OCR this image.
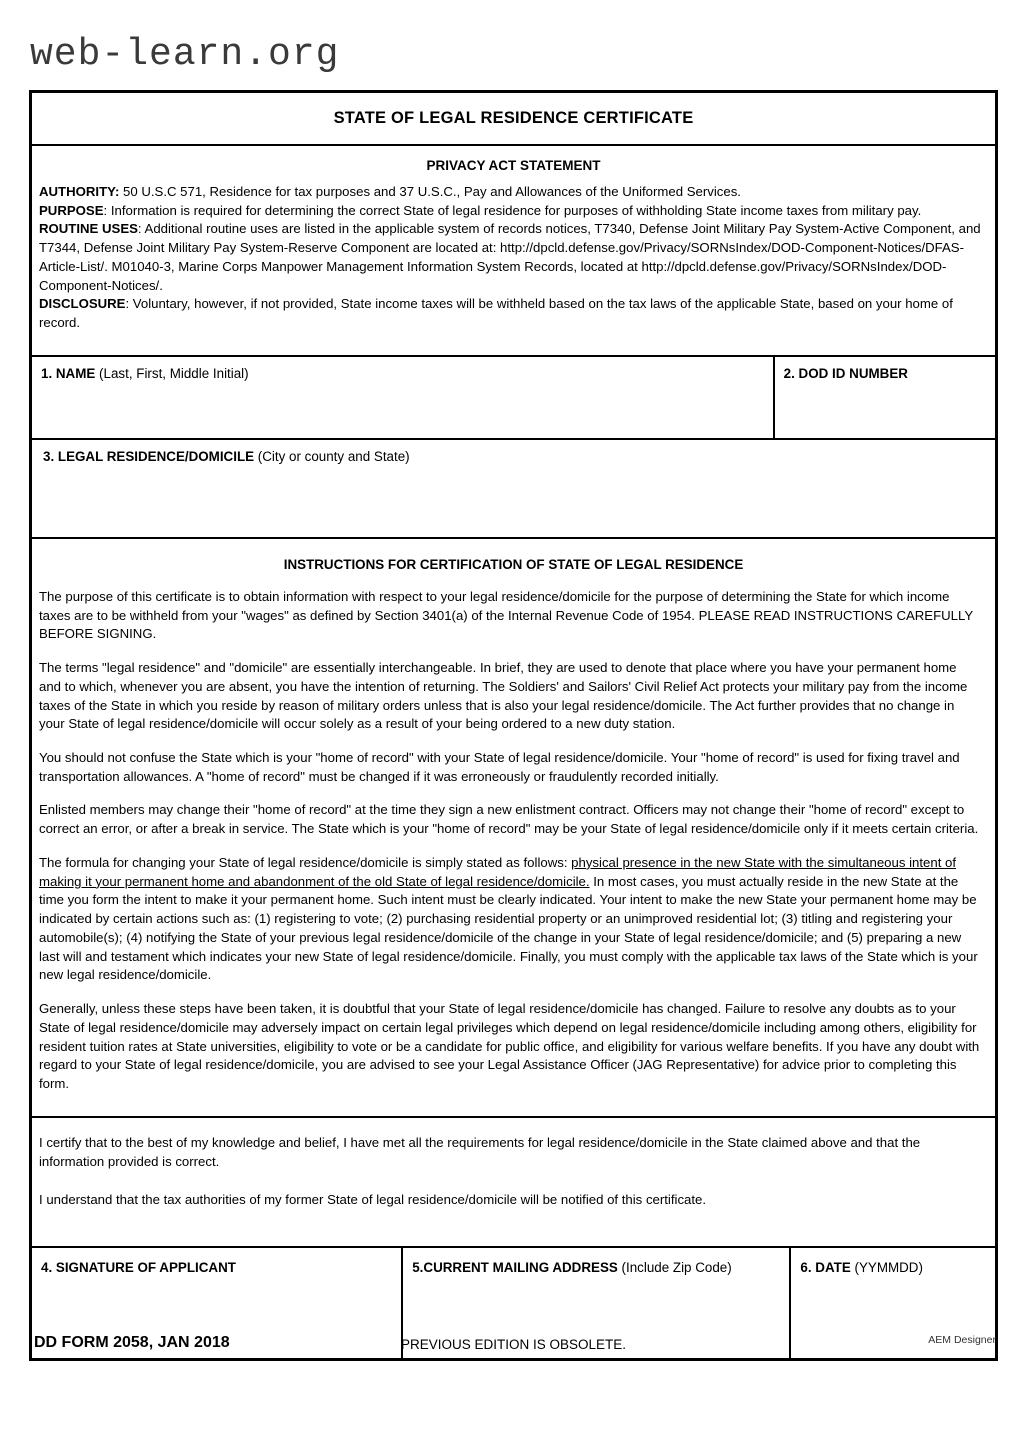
web-learn.org
STATE OF LEGAL RESIDENCE CERTIFICATE
PRIVACY ACT STATEMENT

AUTHORITY: 50 U.S.C 571, Residence for tax purposes and 37 U.S.C., Pay and Allowances of the Uniformed Services.

PURPOSE: Information is required for determining the correct State of legal residence for purposes of withholding State income taxes from military pay.

ROUTINE USES: Additional routine uses are listed in the applicable system of records notices, T7340, Defense Joint Military Pay System-Active Component, and T7344, Defense Joint Military Pay System-Reserve Component are located at: http://dpcld.defense.gov/Privacy/SORNsIndex/DOD-Component-Notices/DFAS-Article-List/. M01040-3, Marine Corps Manpower Management Information System Records, located at http://dpcld.defense.gov/Privacy/SORNsIndex/DOD-Component-Notices/.

DISCLOSURE: Voluntary, however, if not provided, State income taxes will be withheld based on the tax laws of the applicable State, based on your home of record.

1. NAME (Last, First, Middle Initial)	2. DOD ID NUMBER
3. LEGAL RESIDENCE/DOMICILE (City or county and State)
INSTRUCTIONS FOR CERTIFICATION OF STATE OF LEGAL RESIDENCE

The purpose of this certificate is to obtain information with respect to your legal residence/domicile for the purpose of determining the State for which income taxes are to be withheld from your "wages" as defined by Section 3401(a) of the Internal Revenue Code of 1954. PLEASE READ INSTRUCTIONS CAREFULLY BEFORE SIGNING.

The terms "legal residence" and "domicile" are essentially interchangeable. In brief, they are used to denote that place where you have your permanent home and to which, whenever you are absent, you have the intention of returning. The Soldiers' and Sailors' Civil Relief Act protects your military pay from the income taxes of the State in which you reside by reason of military orders unless that is also your legal residence/domicile. The Act further provides that no change in your State of legal residence/domicile will occur solely as a result of your being ordered to a new duty station.

You should not confuse the State which is your "home of record" with your State of legal residence/domicile. Your "home of record" is used for fixing travel and transportation allowances. A "home of record" must be changed if it was erroneously or fraudulently recorded initially.

Enlisted members may change their "home of record" at the time they sign a new enlistment contract. Officers may not change their "home of record" except to correct an error, or after a break in service. The State which is your "home of record" may be your State of legal residence/domicile only if it meets certain criteria.

The formula for changing your State of legal residence/domicile is simply stated as follows: physical presence in the new State with the simultaneous intent of making it your permanent home and abandonment of the old State of legal residence/domicile. In most cases, you must actually reside in the new State at the time you form the intent to make it your permanent home. Such intent must be clearly indicated. Your intent to make the new State your permanent home may be indicated by certain actions such as: (1) registering to vote; (2) purchasing residential property or an unimproved residential lot; (3) titling and registering your automobile(s); (4) notifying the State of your previous legal residence/domicile of the change in your State of legal residence/domicile; and (5) preparing a new last will and testament which indicates your new State of legal residence/domicile. Finally, you must comply with the applicable tax laws of the State which is your new legal residence/domicile.

Generally, unless these steps have been taken, it is doubtful that your State of legal residence/domicile has changed. Failure to resolve any doubts as to your State of legal residence/domicile may adversely impact on certain legal privileges which depend on legal residence/domicile including among others, eligibility for resident tuition rates at State universities, eligibility to vote or be a candidate for public office, and eligibility for various welfare benefits. If you have any doubt with regard to your State of legal residence/domicile, you are advised to see your Legal Assistance Officer (JAG Representative) for advice prior to completing this form.

I certify that to the best of my knowledge and belief, I have met all the requirements for legal residence/domicile in the State claimed above and that the information provided is correct.

I understand that the tax authorities of my former State of legal residence/domicile will be notified of this certificate.

4. SIGNATURE OF APPLICANT	5.CURRENT MAILING ADDRESS (Include Zip Code)	6. DATE (YYMMDD)
DD FORM 2058, JAN 2018	PREVIOUS EDITION IS OBSOLETE.	AEM Designer
